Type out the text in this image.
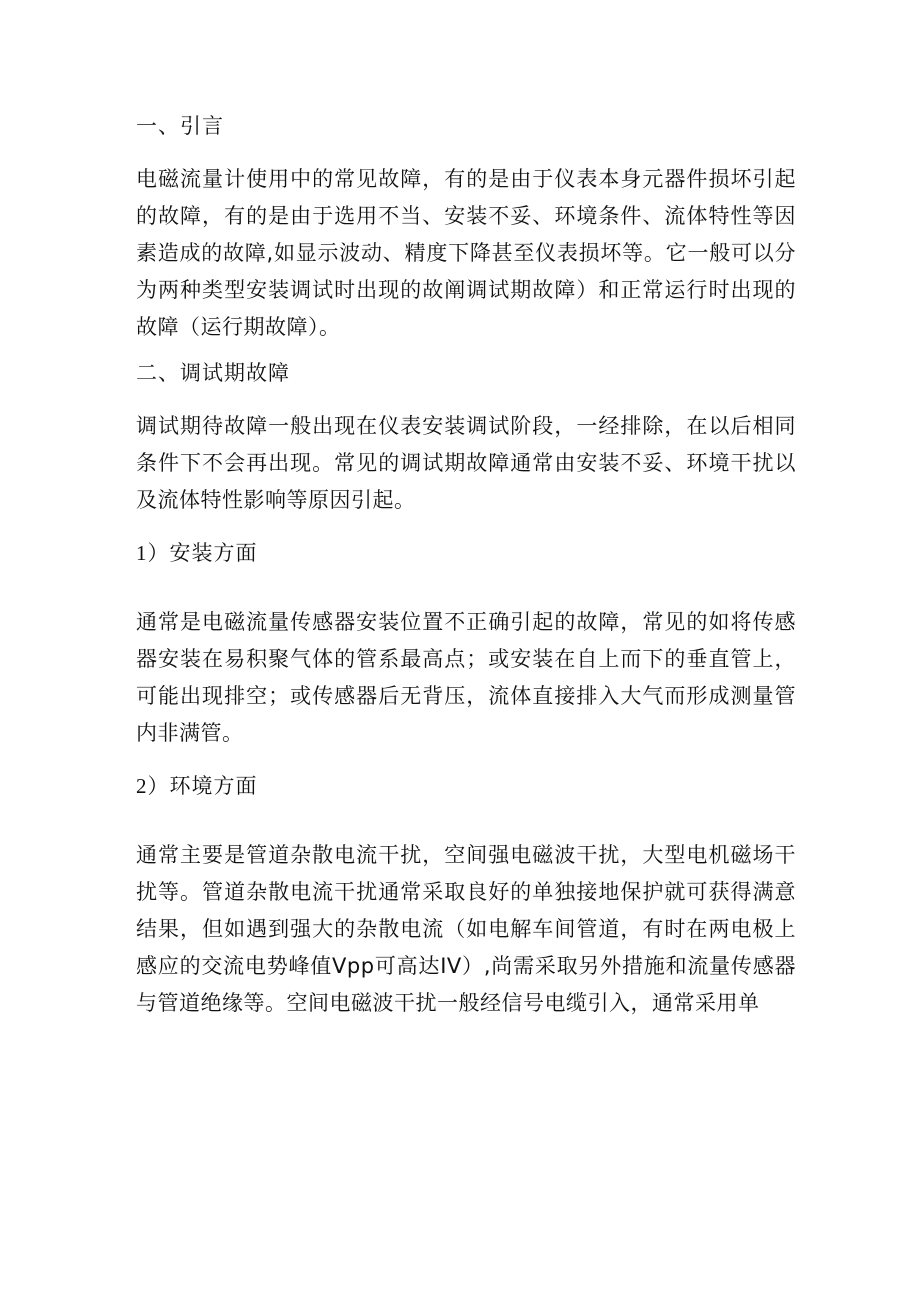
一、引言

电磁流量计使用中的常见故障，有的是由于仪表本身元器件损坏引起的故障，有的是由于选用不当、安装不妥、环境条件、流体特性等因素造成的故障,如显示波动、精度下降甚至仪表损坏等。它一般可以分为两种类型安装调试时出现的故阐调试期故障）和正常运行时出现的故障（运行期故障）。

二、调试期故障

调试期待故障一般出现在仪表安装调试阶段，一经排除，在以后相同条件下不会再出现。常见的调试期故障通常由安装不妥、环境干扰以及流体特性影响等原因引起。

1）安装方面

通常是电磁流量传感器安装位置不正确引起的故障，常见的如将传感器安装在易积聚气体的管系最高点；或安装在自上而下的垂直管上，可能出现排空；或传感器后无背压，流体直接排入大气而形成测量管内非满管。

2）环境方面

通常主要是管道杂散电流干扰，空间强电磁波干扰，大型电机磁场干扰等。管道杂散电流干扰通常采取良好的单独接地保护就可获得满意结果，但如遇到强大的杂散电流（如电解车间管道，有时在两电极上感应的交流电势峰值Vpp可高达IV）,尚需采取另外措施和流量传感器与管道绝缘等。空间电磁波干扰一般经信号电缆引入，通常采用单
